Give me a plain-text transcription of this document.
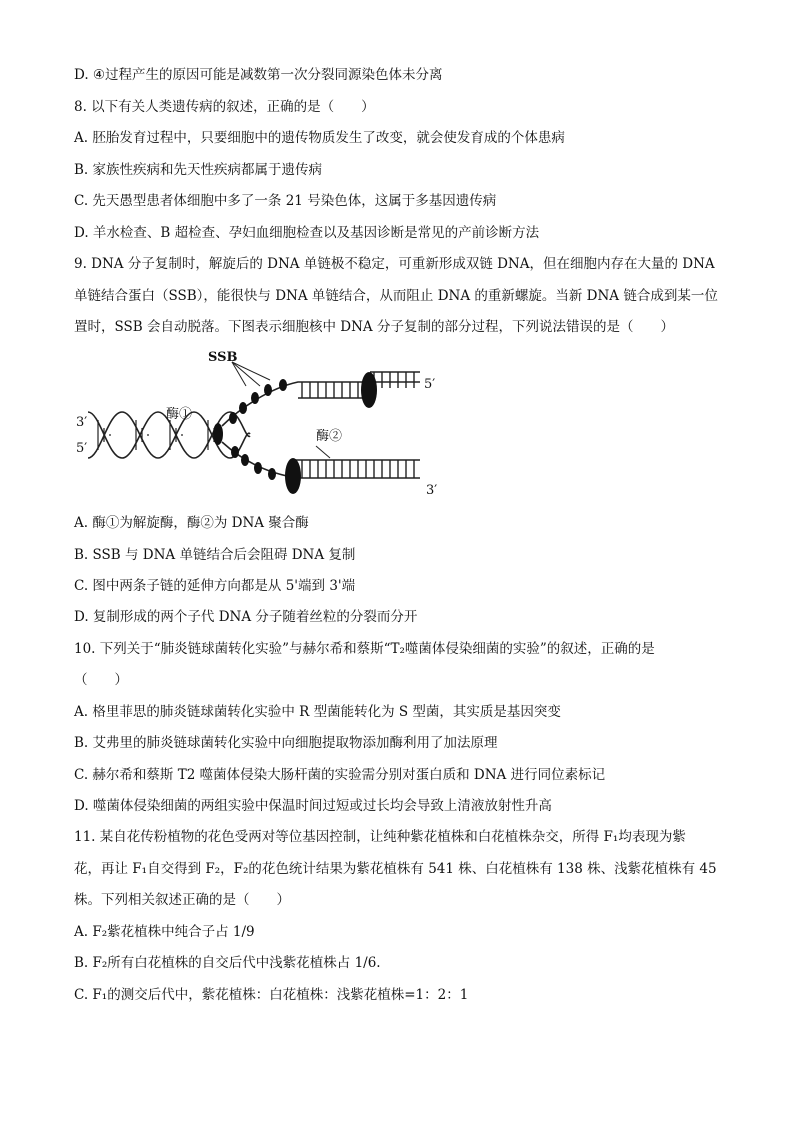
D. ④过程产生的原因可能是减数第一次分裂同源染色体未分离
8. 以下有关人类遗传病的叙述，正确的是（　　）
A. 胚胎发育过程中，只要细胞中的遗传物质发生了改变，就会使发育成的个体患病
B. 家族性疾病和先天性疾病都属于遗传病
C. 先天愚型患者体细胞中多了一条 21 号染色体，这属于多基因遗传病
D. 羊水检查、B 超检查、孕妇血细胞检查以及基因诊断是常见的产前诊断方法
9. DNA 分子复制时，解旋后的 DNA 单链极不稳定，可重新形成双链 DNA，但在细胞内存在大量的 DNA
单链结合蛋白（SSB），能很快与 DNA 单链结合，从而阻止 DNA 的重新螺旋。当新 DNA 链合成到某一位
置时，SSB 会自动脱落。下图表示细胞核中 DNA 分子复制的部分过程，下列说法错误的是（　　）
SSB
酶①
酶②
3′
5′
5′
3′
A. 酶①为解旋酶，酶②为 DNA 聚合酶
B. SSB 与 DNA 单链结合后会阻碍 DNA 复制
C. 图中两条子链的延伸方向都是从 5'端到 3'端
D. 复制形成的两个子代 DNA 分子随着丝粒的分裂而分开
10. 下列关于“肺炎链球菌转化实验”与赫尔希和蔡斯“T₂噬菌体侵染细菌的实验”的叙述，正确的是
（　　）
A. 格里菲思的肺炎链球菌转化实验中 R 型菌能转化为 S 型菌，其实质是基因突变
B. 艾弗里的肺炎链球菌转化实验中向细胞提取物添加酶利用了加法原理
C. 赫尔希和蔡斯 T2 噬菌体侵染大肠杆菌的实验需分别对蛋白质和 DNA 进行同位素标记
D. 噬菌体侵染细菌的两组实验中保温时间过短或过长均会导致上清液放射性升高
11. 某自花传粉植物的花色受两对等位基因控制，让纯种紫花植株和白花植株杂交，所得 F₁均表现为紫
花，再让 F₁自交得到 F₂，F₂的花色统计结果为紫花植株有 541 株、白花植株有 138 株、浅紫花植株有 45
株。下列相关叙述正确的是（　　）
A. F₂紫花植株中纯合子占 1/9
B. F₂所有白花植株的自交后代中浅紫花植株占 1/6.
C. F₁的测交后代中，紫花植株：白花植株：浅紫花植株=1：2：1
